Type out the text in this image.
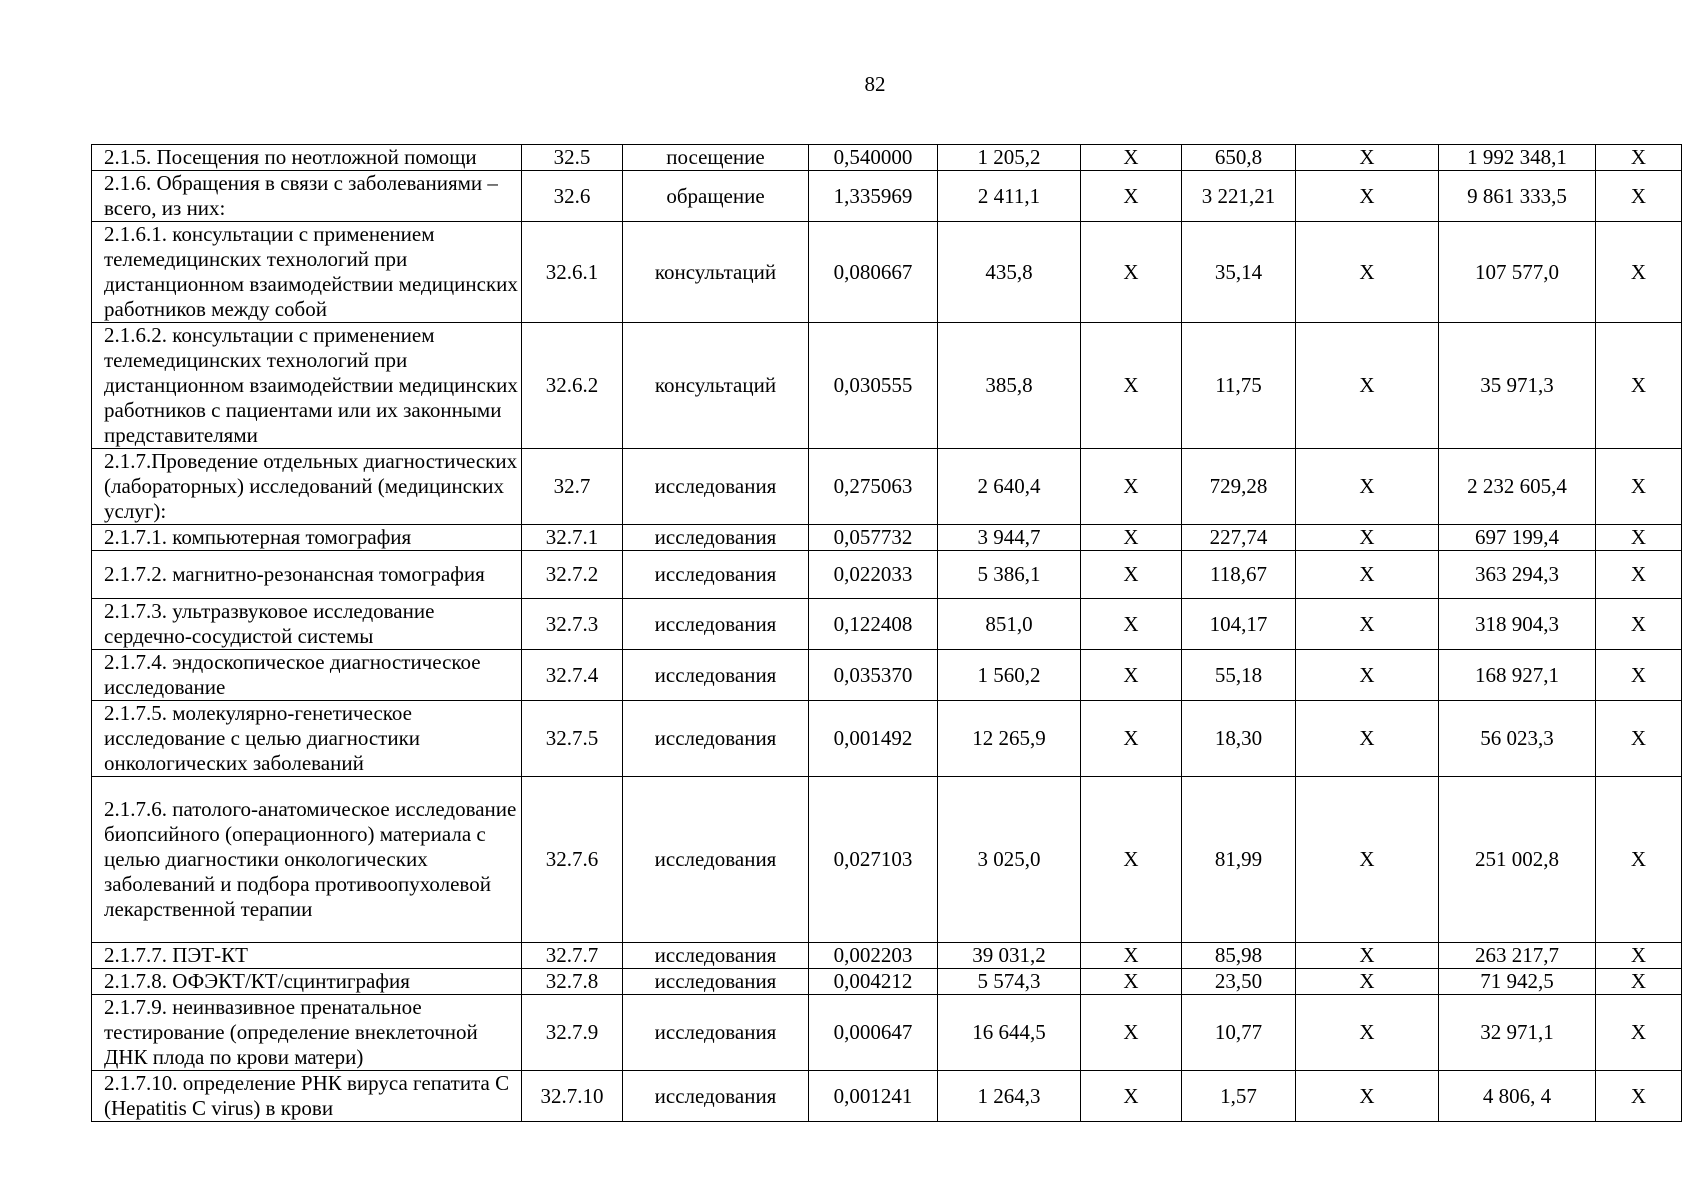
82
2.1.5. Посещения по неотложной помощи	32.5	посещение	0,540000	1 205,2	Х	650,8	Х	1 992 348,1	Х
2.1.6. Обращения в связи с заболеваниями – всего, из них:	32.6	обращение	1,335969	2 411,1	Х	3 221,21	Х	9 861 333,5	Х
2.1.6.1. консультации с применением телемедицинских технологий при дистанционном взаимодействии медицинских работников между собой	32.6.1	консультаций	0,080667	435,8	Х	35,14	Х	107 577,0	Х
2.1.6.2. консультации с применением телемедицинских технологий при дистанционном взаимодействии медицинских работников с пациентами или их законными представителями	32.6.2	консультаций	0,030555	385,8	Х	11,75	Х	35 971,3	Х
2.1.7.Проведение отдельных диагностических (лабораторных) исследований (медицинских услуг):	32.7	исследования	0,275063	2 640,4	Х	729,28	Х	2 232 605,4	Х
2.1.7.1. компьютерная томография	32.7.1	исследования	0,057732	3 944,7	Х	227,74	Х	697 199,4	Х
2.1.7.2. магнитно-резонансная томография	32.7.2	исследования	0,022033	5 386,1	Х	118,67	Х	363 294,3	Х
2.1.7.3. ультразвуковое исследование сердечно-сосудистой системы	32.7.3	исследования	0,122408	851,0	Х	104,17	Х	318 904,3	Х
2.1.7.4. эндоскопическое диагностическое исследование	32.7.4	исследования	0,035370	1 560,2	Х	55,18	Х	168 927,1	Х
2.1.7.5. молекулярно-генетическое исследование с целью диагностики онкологических заболеваний	32.7.5	исследования	0,001492	12 265,9	Х	18,30	Х	56 023,3	Х
2.1.7.6. патолого-анатомическое исследование биопсийного (операционного) материала с целью диагностики онкологических заболеваний и подбора противоопухолевой лекарственной терапии	32.7.6	исследования	0,027103	3 025,0	Х	81,99	Х	251 002,8	Х
2.1.7.7. ПЭТ-КТ	32.7.7	исследования	0,002203	39 031,2	Х	85,98	Х	263 217,7	Х
2.1.7.8. ОФЭКТ/КТ/сцинтиграфия	32.7.8	исследования	0,004212	5 574,3	Х	23,50	Х	71 942,5	Х
2.1.7.9. неинвазивное пренатальное тестирование (определение внеклеточной ДНК плода по крови матери)	32.7.9	исследования	0,000647	16 644,5	Х	10,77	Х	32 971,1	Х
2.1.7.10. определение РНК вируса гепатита С (Hepatitis C virus) в крови	32.7.10	исследования	0,001241	1 264,3	Х	1,57	Х	4 806, 4	Х
